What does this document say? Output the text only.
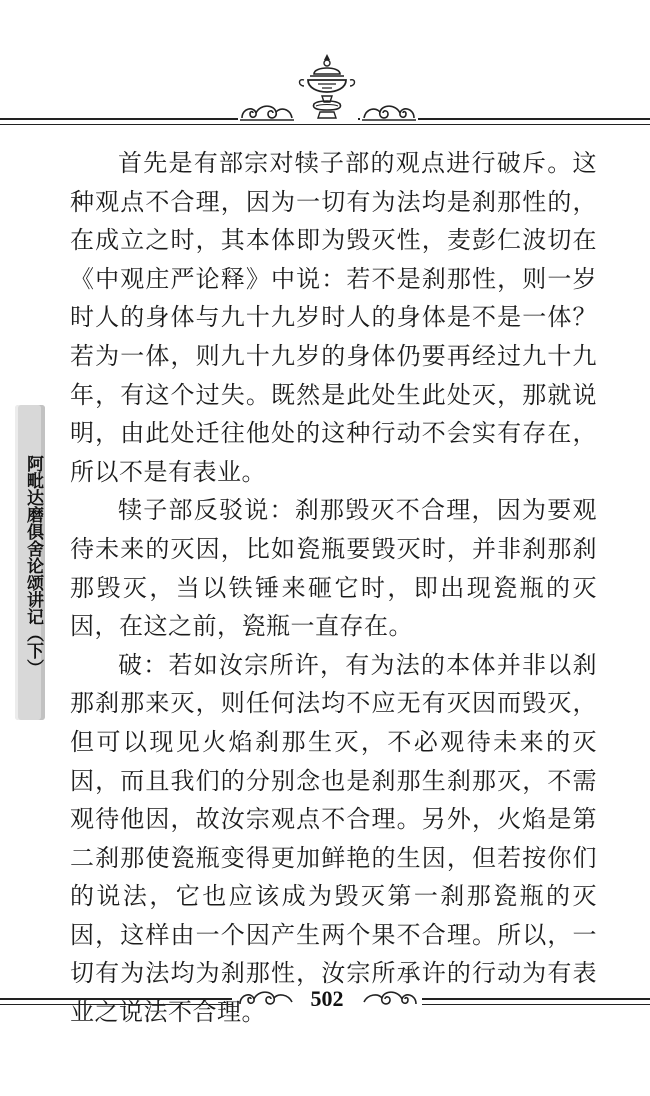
阿毗达磨俱舍论颂讲记（下）

首先是有部宗对犊子部的观点进行破斥。这种观点不合理，因为一切有为法均是刹那性的，在成立之时，其本体即为毁灭性，麦彭仁波切在《中观庄严论释》中说：若不是刹那性，则一岁时人的身体与九十九岁时人的身体是不是一体？若为一体，则九十九岁的身体仍要再经过九十九年，有这个过失。既然是此处生此处灭，那就说明，由此处迁往他处的这种行动不会实有存在，所以不是有表业。

犊子部反驳说：刹那毁灭不合理，因为要观待未来的灭因，比如瓷瓶要毁灭时，并非刹那刹那毁灭，当以铁锤来砸它时，即出现瓷瓶的灭因，在这之前，瓷瓶一直存在。

破：若如汝宗所许，有为法的本体并非以刹那刹那来灭，则任何法均不应无有灭因而毁灭，但可以现见火焰刹那生灭，不必观待未来的灭因，而且我们的分别念也是刹那生刹那灭，不需观待他因，故汝宗观点不合理。另外，火焰是第二刹那使瓷瓶变得更加鲜艳的生因，但若按你们的说法，它也应该成为毁灭第一刹那瓷瓶的灭因，这样由一个因产生两个果不合理。所以，一切有为法均为刹那性，汝宗所承许的行动为有表业之说法不合理。	502
